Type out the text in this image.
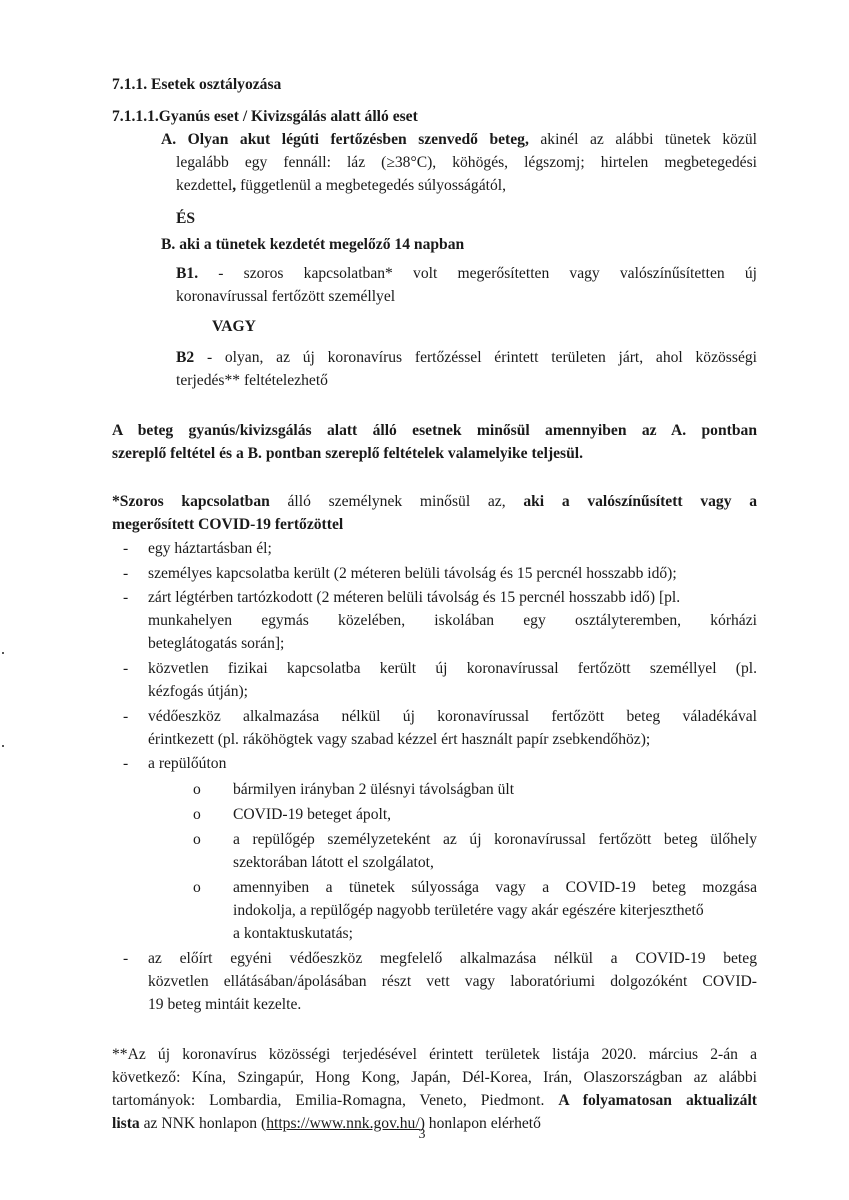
7.1.1. Esetek osztályozása
7.1.1.1.Gyanús eset / Kivizsgálás alatt álló eset
A. Olyan akut légúti fertőzésben szenvedő beteg, akinél az alábbi tünetek közül
legalább egy fennáll: láz (≥38°C), köhögés, légszomj; hirtelen megbetegedési
kezdettel, függetlenül a megbetegedés súlyosságától,
ÉS
B. aki a tünetek kezdetét megelőző 14 napban
B1. - szoros kapcsolatban* volt megerősítetten vagy valószínűsítetten új
koronavírussal fertőzött személlyel
VAGY
B2 - olyan, az új koronavírus fertőzéssel érintett területen járt, ahol közösségi
terjedés** feltételezhető
A beteg gyanús/kivizsgálás alatt álló esetnek minősül amennyiben az A. pontban
szereplő feltétel és a B. pontban szereplő feltételek valamelyike teljesül.
*Szoros kapcsolatban álló személynek minősül az, aki a valószínűsített vagy a
megerősített COVID-19 fertőzöttel
- egy háztartásban él;
- személyes kapcsolatba került (2 méteren belüli távolság és 15 percnél hosszabb idő);
- zárt légtérben tartózkodott (2 méteren belüli távolság és 15 percnél hosszabb idő) [pl.
munkahelyen egymás közelében, iskolában egy osztályteremben, kórházi
beteglátogatás során];
- közvetlen fizikai kapcsolatba került új koronavírussal fertőzött személlyel (pl.
kézfogás útján);
- védőeszköz alkalmazása nélkül új koronavírussal fertőzött beteg váladékával
érintkezett (pl. ráköhögtek vagy szabad kézzel ért használt papír zsebkendőhöz);
- a repülőúton
o bármilyen irányban 2 ülésnyi távolságban ült
o COVID-19 beteget ápolt,
o a repülőgép személyzeteként az új koronavírussal fertőzött beteg ülőhely
szektorában látott el szolgálatot,
o amennyiben a tünetek súlyossága vagy a COVID-19 beteg mozgása
indokolja, a repülőgép nagyobb területére vagy akár egészére kiterjeszthető
a kontaktuskutatás;
- az előírt egyéni védőeszköz megfelelő alkalmazása nélkül a COVID-19 beteg
közvetlen ellátásában/ápolásában részt vett vagy laboratóriumi dolgozóként COVID-
19 beteg mintáit kezelte.
**Az új koronavírus közösségi terjedésével érintett területek listája 2020. március 2-án a
következő: Kína, Szingapúr, Hong Kong, Japán, Dél-Korea, Irán, Olaszországban az alábbi
tartományok: Lombardia, Emilia-Romagna, Veneto, Piedmont. A folyamatosan aktualizált
lista az NNK honlapon (https://www.nnk.gov.hu/) honlapon elérhető
3
